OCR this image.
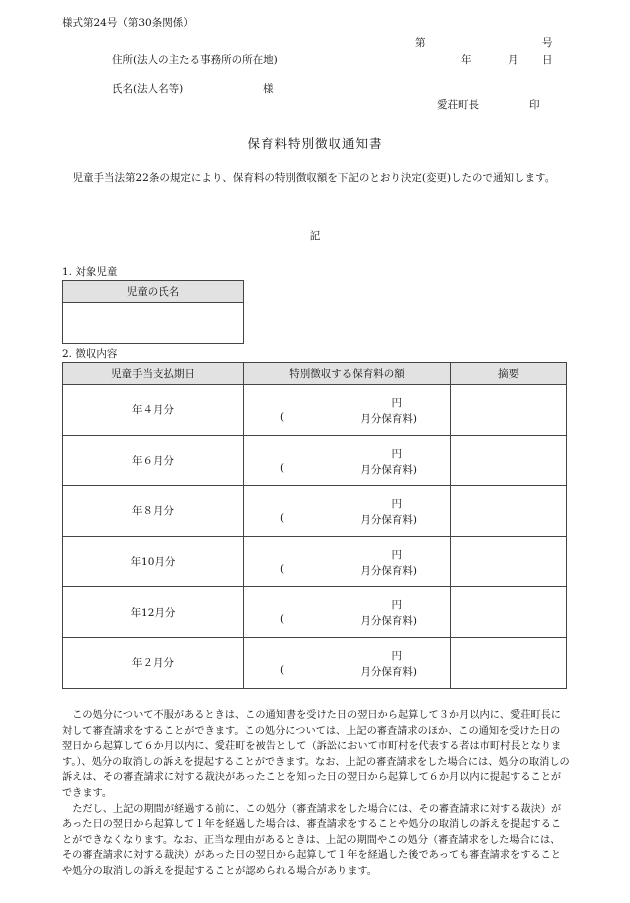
様式第24号（第30条関係）
第	号
住所(法人の主たる事務所の所在地)	年	月 日
氏名(法人名等)	様
愛荘町長	印
保育料特別徴収通知書
児童手当法第22条の規定により、保育料の特別徴収額を下記のとおり決定(変更)したので通知します。
記
1. 対象児童
児童の氏名

2. 徴収内容
児童手当支払期日	特別徴収する保育料の額	摘要
年４月分	円
( 月分保育料)	

年６月分	円
( 月分保育料)	

年８月分	円
( 月分保育料)	

年10月分	円
( 月分保育料)	

年12月分	円
( 月分保育料)	

年２月分	円
( 月分保育料)	

この処分について不服があるときは、この通知書を受けた日の翌日から起算して３か月以内に、愛荘町長に対して審査請求をすることができます。この処分については、上記の審査請求のほか、この通知を受けた日の翌日から起算して６か月以内に、愛荘町を被告として（訴訟において市町村を代表する者は市町村長となります。）、処分の取消しの訴えを提起することができます。なお、上記の審査請求をした場合には、処分の取消しの訴えは、その審査請求に対する裁決があったことを知った日の翌日から起算して６か月以内に提起することができます。

ただし、上記の期間が経過する前に、この処分（審査請求をした場合には、その審査請求に対する裁決）があった日の翌日から起算して１年を経過した場合は、審査請求をすることや処分の取消しの訴えを提起することができなくなります。なお、正当な理由があるときは、上記の期間やこの処分（審査請求をした場合には、その審査請求に対する裁決）があった日の翌日から起算して１年を経過した後であっても審査請求をすることや処分の取消しの訴えを提起することが認められる場合があります。
